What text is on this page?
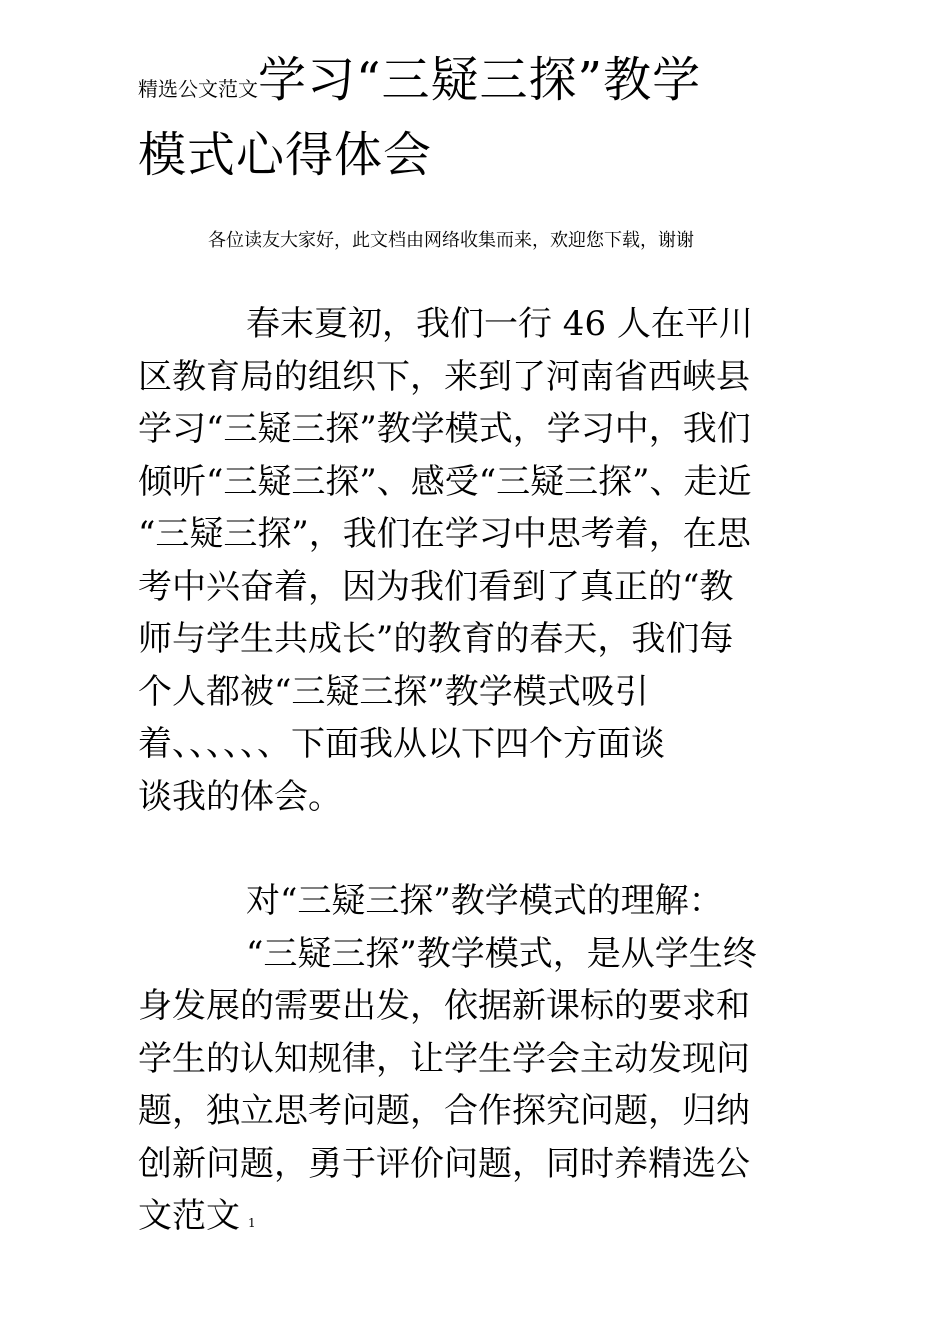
精选公文范文学习“三疑三探”教学
模式心得体会
各位读友大家好，此文档由网络收集而来，欢迎您下载，谢谢
春末夏初，我们一行 46 人在平川
区教育局的组织下，来到了河南省西峡县
学习“三疑三探”教学模式，学习中，我们
倾听“三疑三探”、感受“三疑三探”、走近
“三疑三探”，我们在学习中思考着，在思
考中兴奋着，因为我们看到了真正的“教
师与学生共成长”的教育的春天，我们每
个人都被“三疑三探”教学模式吸引
着、、、、、、下面我从以下四个方面谈
谈我的体会。
对“三疑三探”教学模式的理解：
“三疑三探”教学模式，是从学生终
身发展的需要出发，依据新课标的要求和
学生的认知规律，让学生学会主动发现问
题，独立思考问题，合作探究问题，归纳
创新问题，勇于评价问题，同时养精选公
文范文 1
